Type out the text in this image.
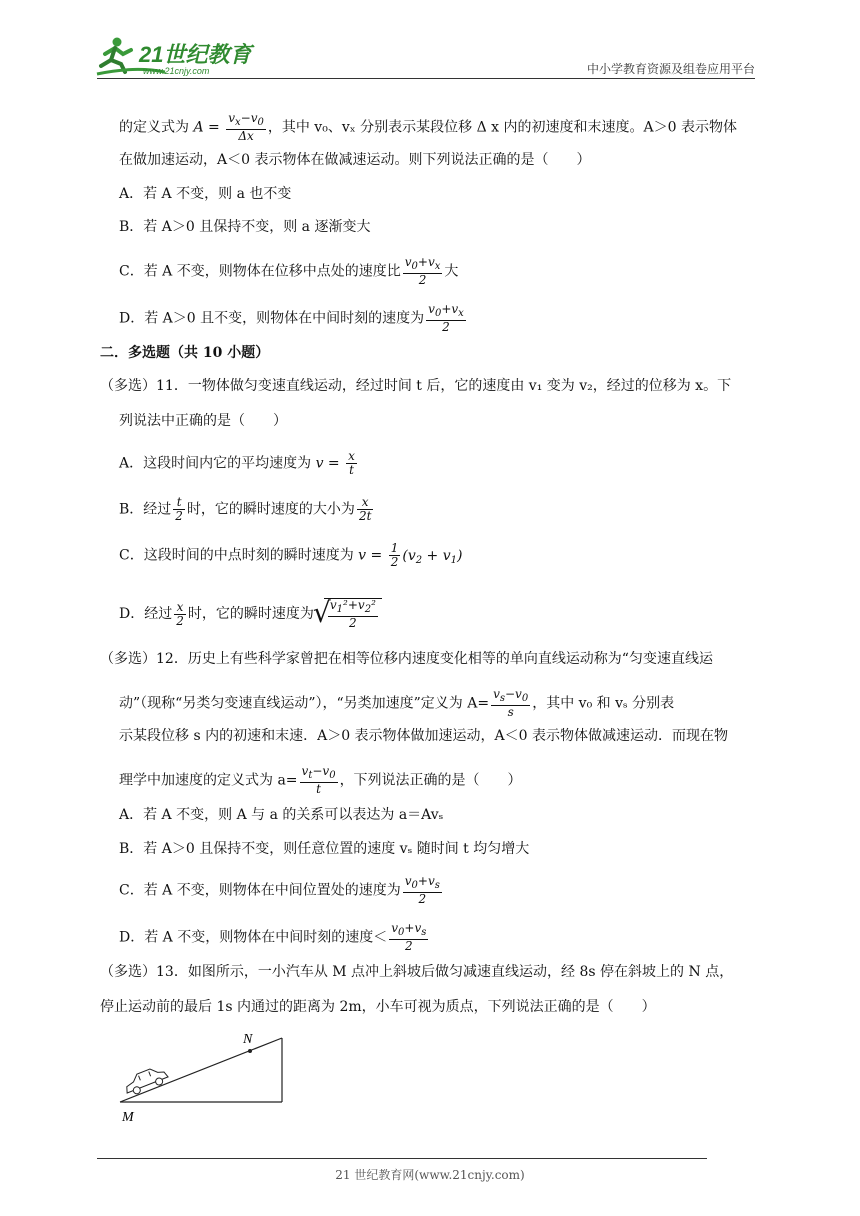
21世纪教育
www.21cnjy.com	中小学教育资源及组卷应用平台
的定义式为 $A = \frac{v_x-v_0}{\Delta x}$ ，其中 v₀、vₓ 分别表示某段位移 Δ x 内的初速度和末速度。A＞0 表示物体
在做加速运动，A＜0 表示物体在做减速运动。则下列说法正确的是（　　）
A．若 A 不变，则 a 也不变
B．若 A＞0 且保持不变，则 a 逐渐变大
C．若 A 不变，则物体在位移中点处的速度比 $\frac{v_0+v_x}{2}$ 大
D．若 A＞0 且不变，则物体在中间时刻的速度为 $\frac{v_0+v_x}{2}$
二．多选题（共 10 小题）
（多选）11．一物体做匀变速直线运动，经过时间 t 后，它的速度由 v₁ 变为 v₂，经过的位移为 x。下
列说法中正确的是（　　）
A．这段时间内它的平均速度为 $v = \frac{x}{t}$
B．经过 $\frac{t}{2}$ 时，它的瞬时速度的大小为 $\frac{x}{2t}$
C．这段时间的中点时刻的瞬时速度为 $v = \frac{1}{2} (v_2 + v_1)$
D．经过 $\frac{x}{2}$ 时，它的瞬时速度为
√ $\frac{v_1^2+v_2^2}{2}$
（多选）12．历史上有些科学家曾把在相等位移内速度变化相等的单向直线运动称为“匀变速直线运
动”（现称“另类匀变速直线运动”），“另类加速度”定义为 $A= \frac{v_s-v_0}{s}$ ，其中 v₀ 和 vₛ 分别表
示某段位移 s 内的初速和末速．A＞0 表示物体做加速运动，A＜0 表示物体做减速运动．而现在物
理学中加速度的定义式为 $a= \frac{v_t-v_0}{t}$ ，下列说法正确的是（　　）
A．若 A 不变，则 A 与 a 的关系可以表达为 a＝Avₛ
B．若 A＞0 且保持不变，则任意位置的速度 vₛ 随时间 t 均匀增大
C．若 A 不变，则物体在中间位置处的速度为 $\frac{v_0+v_s}{2}$
D．若 A 不变，则物体在中间时刻的速度＜ $\frac{v_0+v_s}{2}$
（多选）13．如图所示，一小汽车从 M 点冲上斜坡后做匀减速直线运动，经 8s 停在斜坡上的 N 点，
停止运动前的最后 1s 内通过的距离为 2m，小车可视为质点，下列说法正确的是（　　）
N
M
21 世纪教育网(www.21cnjy.com)
